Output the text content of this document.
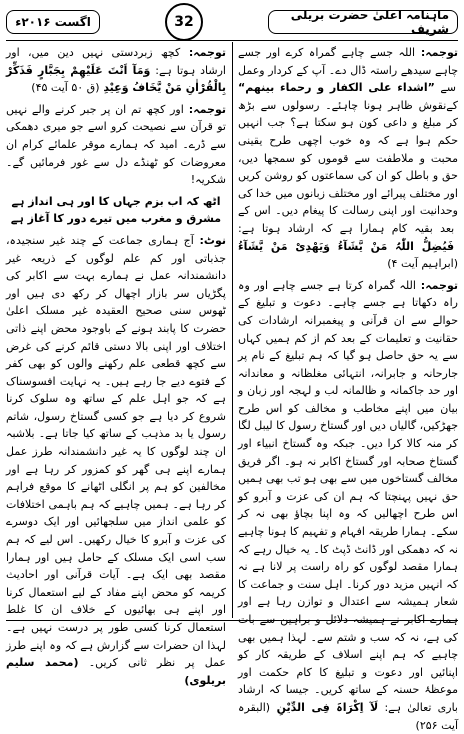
اگست ۲۰۱۶ء	32	ماہنامہ اعلیٰ حضرت بریلی شریف

توجمہ: اللہ جسے چاہے گمراہ کرے اور جسے چاہے سیدھے راستہ ڈال دے۔ آپ کے کردار وعمل سے ”اشداء علی الکفار و رحماء بینھم“ کےنقوش ظاہر ہونا چاہئے۔ رسولوں سے بڑھ کر مبلغ و داعی کون ہو سکتا ہے؟ جب انہیں حکم ہوا ہے کہ وہ خوب اچھی طرح یقینی محبت و ملاطفت سے قوموں کو سمجھا دیں، حق و باطل کو ان کی سماعتوں کو روشن کریں اور مختلف پیرائے اور مختلف زبانوں میں خدا کی وحدانیت اور اپنی رسالت کا پیغام دیں۔ اس کے بعد بقیہ کام ہمارا ہے کہ ارشاد ہوتا ہے: فَیُضِلُّ اللّٰہُ مَنْ یَّشَآءُ وَیَھْدِیْ مَنْ یَّشَآءُ (ابراہیم آیت ۴)

توجمہ: اللہ گمراہ کرتا ہے جسے چاہے اور وہ راہ دکھاتا ہے جسے چاہے۔ دعوت و تبلیغ کے حوالے سے ان قرآنی و پیغمبرانہ ارشادات کی حقانیت و تعلیمات کے بعد کم از کم ہمیں کہاں سے یہ حق حاصل ہو گیا کہ ہم تبلیغ کے نام پر جارحانہ و جابرانہ، انتہائی مغلظانہ و معاندانہ اور حد جاکمانہ و ظالمانہ لب و لہجہ اور زبان و بیان میں اپنے مخاطب و مخالف کو اس طرح جھڑکیں، گالیاں دیں اور گستاخ رسول کا لیبل لگا کر منہ کالا کرا دیں۔ جبکہ وہ گستاخ انبیاء اور گستاخ صحابہ اور گستاخ اکابر نہ ہو۔ اگر فریق مخالف گستاخوں میں سے بھی ہو تب بھی ہمیں حق نہیں پہنچتا کہ ہم ان کی عزت و آبرو کو اس طرح اچھالیں کہ وہ اپنا بچاؤ بھی نہ کر سکے۔ ہمارا طریقہ افہام و تفہیم کا ہونا چاہیے نہ کہ دھمکی اور ڈانٹ ڈپٹ کا۔ یہ خیال رہے کہ ہمارا مقصد لوگوں کو راہ راست پر لانا ہے نہ کہ انہیں مزید دور کرنا۔ اہل سنت و جماعت کا شعار ہمیشہ سے اعتدال و توازن رہا ہے اور ہمارے اکابر نے ہمیشہ دلائل و براہین سے بات کی ہے، نہ کہ سب و شتم سے۔ لہذا ہمیں بھی چاہیے کہ ہم اپنے اسلاف کے طریقہ کار کو اپنائیں اور دعوت و تبلیغ کا کام حکمت اور موعظۂ حسنہ کے ساتھ کریں۔ جیسا کہ ارشاد باری تعالیٰ ہے: لَآ اِکْرَاہَ فِی الدِّیْنِ (البقرہ آیت ۲۵۶)

توجمہ: کچھ زبردستی نہیں دین میں، اور ارشاد ہوتا ہے: وَمَآ اَنْتَ عَلَیْھِمْ بِجَبَّارٍ فَذَکِّرْ بِالْقُرْاٰنِ مَنْ یَّخَافُ وَعِیْدِ (ق ۵۰ آیت ۴۵)

توجمہ: اور کچھ تم ان پر جبر کرنے والے نہیں تو قرآن سے نصیحت کرو اسے جو میری دھمکی سے ڈرے۔ امید کہ ہمارے موقر علمائے کرام ان معروضات کو ٹھنڈے دل سے غور فرمائیں گے۔ شکریہ!

اٹھ کہ اب بزم جہاں کا اور ہی انداز ہے
مشرق و مغرب میں تیرے دور کا آغاز ہے

نوٹ: آج ہماری جماعت کے چند غیر سنجیدہ، جذباتی اور کم علم لوگوں کے ذریعہ غیر دانشمندانہ عمل نے ہمارے بہت سے اکابر کی پگڑیاں سر بازار اچھال کر رکھ دی ہیں اور ٹھوس سنی صحیح العقیدہ غیر مسلک اعلیٰ حضرت کا پابند ہونے کے باوجود محض اپنے ذاتی اختلاف اور اپنی بالا دستی قائم کرنے کی غرض سے کچھ قطعی علم رکھنے والوں کو بھی کفر کے فتوے دیے جا رہے ہیں۔ یہ نہایت افسوسناک ہے کہ جو اہل علم کے ساتھ وہ سلوک کرنا شروع کر دیا ہے جو کسی گستاخ رسول، شاتم رسول یا بد مذہب کے ساتھ کیا جاتا ہے۔ بلاشبہ ان چند لوگوں کا یہ غیر دانشمندانہ طرز عمل ہمارے اپنے ہی گھر کو کمزور کر رہا ہے اور مخالفین کو ہم پر انگلی اٹھانے کا موقع فراہم کر رہا ہے۔ ہمیں چاہیے کہ ہم باہمی اختلافات کو علمی انداز میں سلجھائیں اور ایک دوسرے کی عزت و آبرو کا خیال رکھیں۔ اس لیے کہ ہم سب اسی ایک مسلک کے حامل ہیں اور ہمارا مقصد بھی ایک ہے۔ آیات قرآنی اور احادیث کریمہ کو محض اپنے مفاد کے لیے استعمال کرنا اور اپنے ہی بھائیوں کے خلاف ان کا غلط استعمال کرنا کسی طور پر درست نہیں ہے۔ لہذا ان حضرات سے گزارش ہے کہ وہ اپنے طرز عمل پر نظر ثانی کریں۔ (محمد سلیم بریلوی)
